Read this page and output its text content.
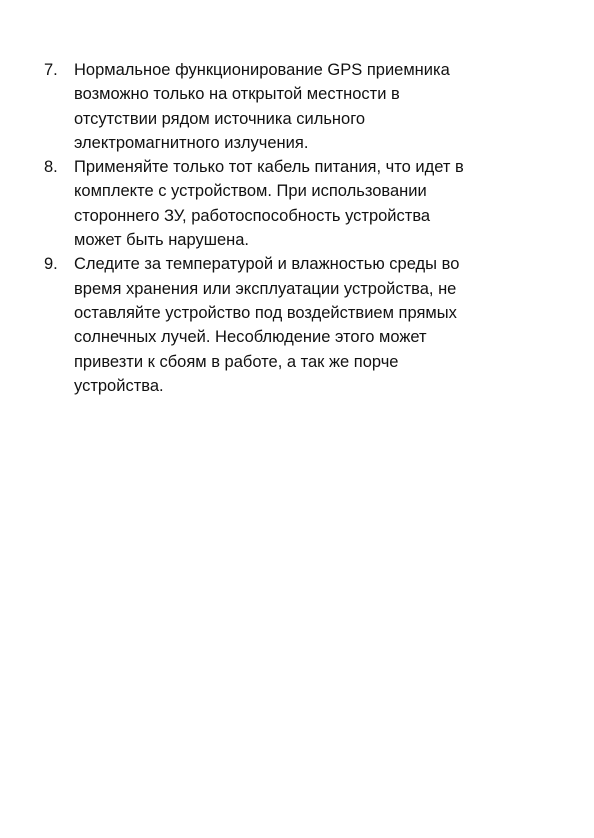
7. Нормальное функционирование GPS приемника
возможно только на открытой местности в
отсутствии рядом источника сильного
электромагнитного излучения.
8. Применяйте только тот кабель питания, что идет в
комплекте с устройством. При использовании
стороннего ЗУ, работоспособность устройства
может быть нарушена.
9. Следите за температурой и влажностью среды во
время хранения или эксплуатации устройства, не
оставляйте устройство под воздействием прямых
солнечных лучей. Несоблюдение этого может
привезти к сбоям в работе, а так же порче
устройства.
